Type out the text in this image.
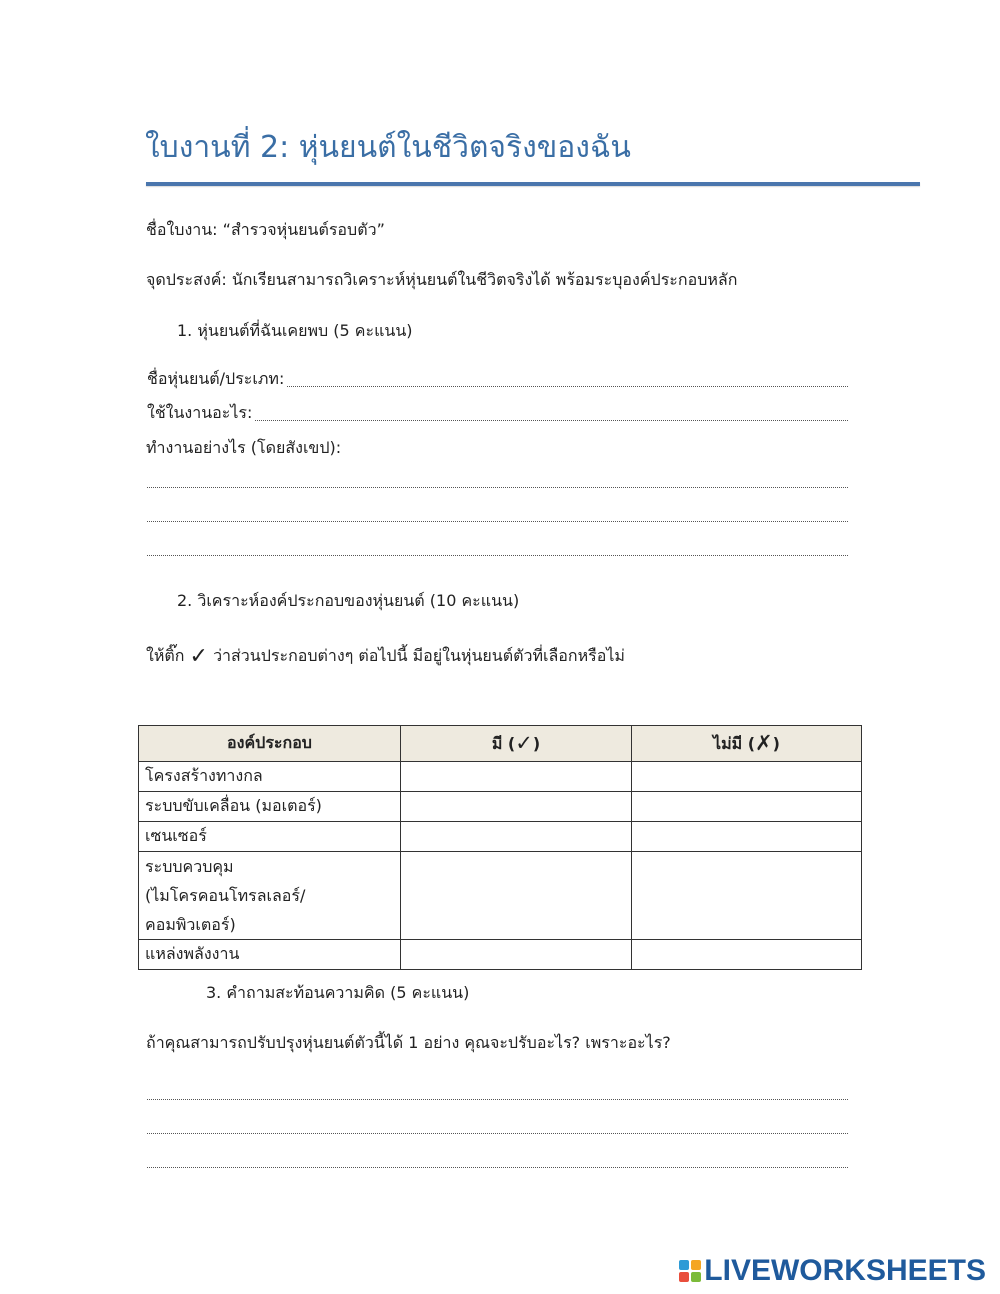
ใบงานที่ 2: หุ่นยนต์ในชีวิตจริงของฉัน
ชื่อใบงาน: “สำรวจหุ่นยนต์รอบตัว”
จุดประสงค์: นักเรียนสามารถวิเคราะห์หุ่นยนต์ในชีวิตจริงได้ พร้อมระบุองค์ประกอบหลัก
1. หุ่นยนต์ที่ฉันเคยพบ (5 คะแนน)
ชื่อหุ่นยนต์/ประเภท:
ใช้ในงานอะไร:
ทำงานอย่างไร (โดยสังเขป):
2. วิเคราะห์องค์ประกอบของหุ่นยนต์ (10 คะแนน)
ให้ติ๊ก ✓ ว่าส่วนประกอบต่างๆ ต่อไปนี้ มีอยู่ในหุ่นยนต์ตัวที่เลือกหรือไม่
องค์ประกอบ	มี (✓)	ไม่มี (✗)
โครงสร้างทางกล		
ระบบขับเคลื่อน (มอเตอร์)		
เซนเซอร์		
ระบบควบคุม
(ไมโครคอนโทรลเลอร์/คอมพิวเตอร์)		
แหล่งพลังงาน		
3. คำถามสะท้อนความคิด (5 คะแนน)
ถ้าคุณสามารถปรับปรุงหุ่นยนต์ตัวนี้ได้ 1 อย่าง คุณจะปรับอะไร? เพราะอะไร?
LIVEWORKSHEETS
